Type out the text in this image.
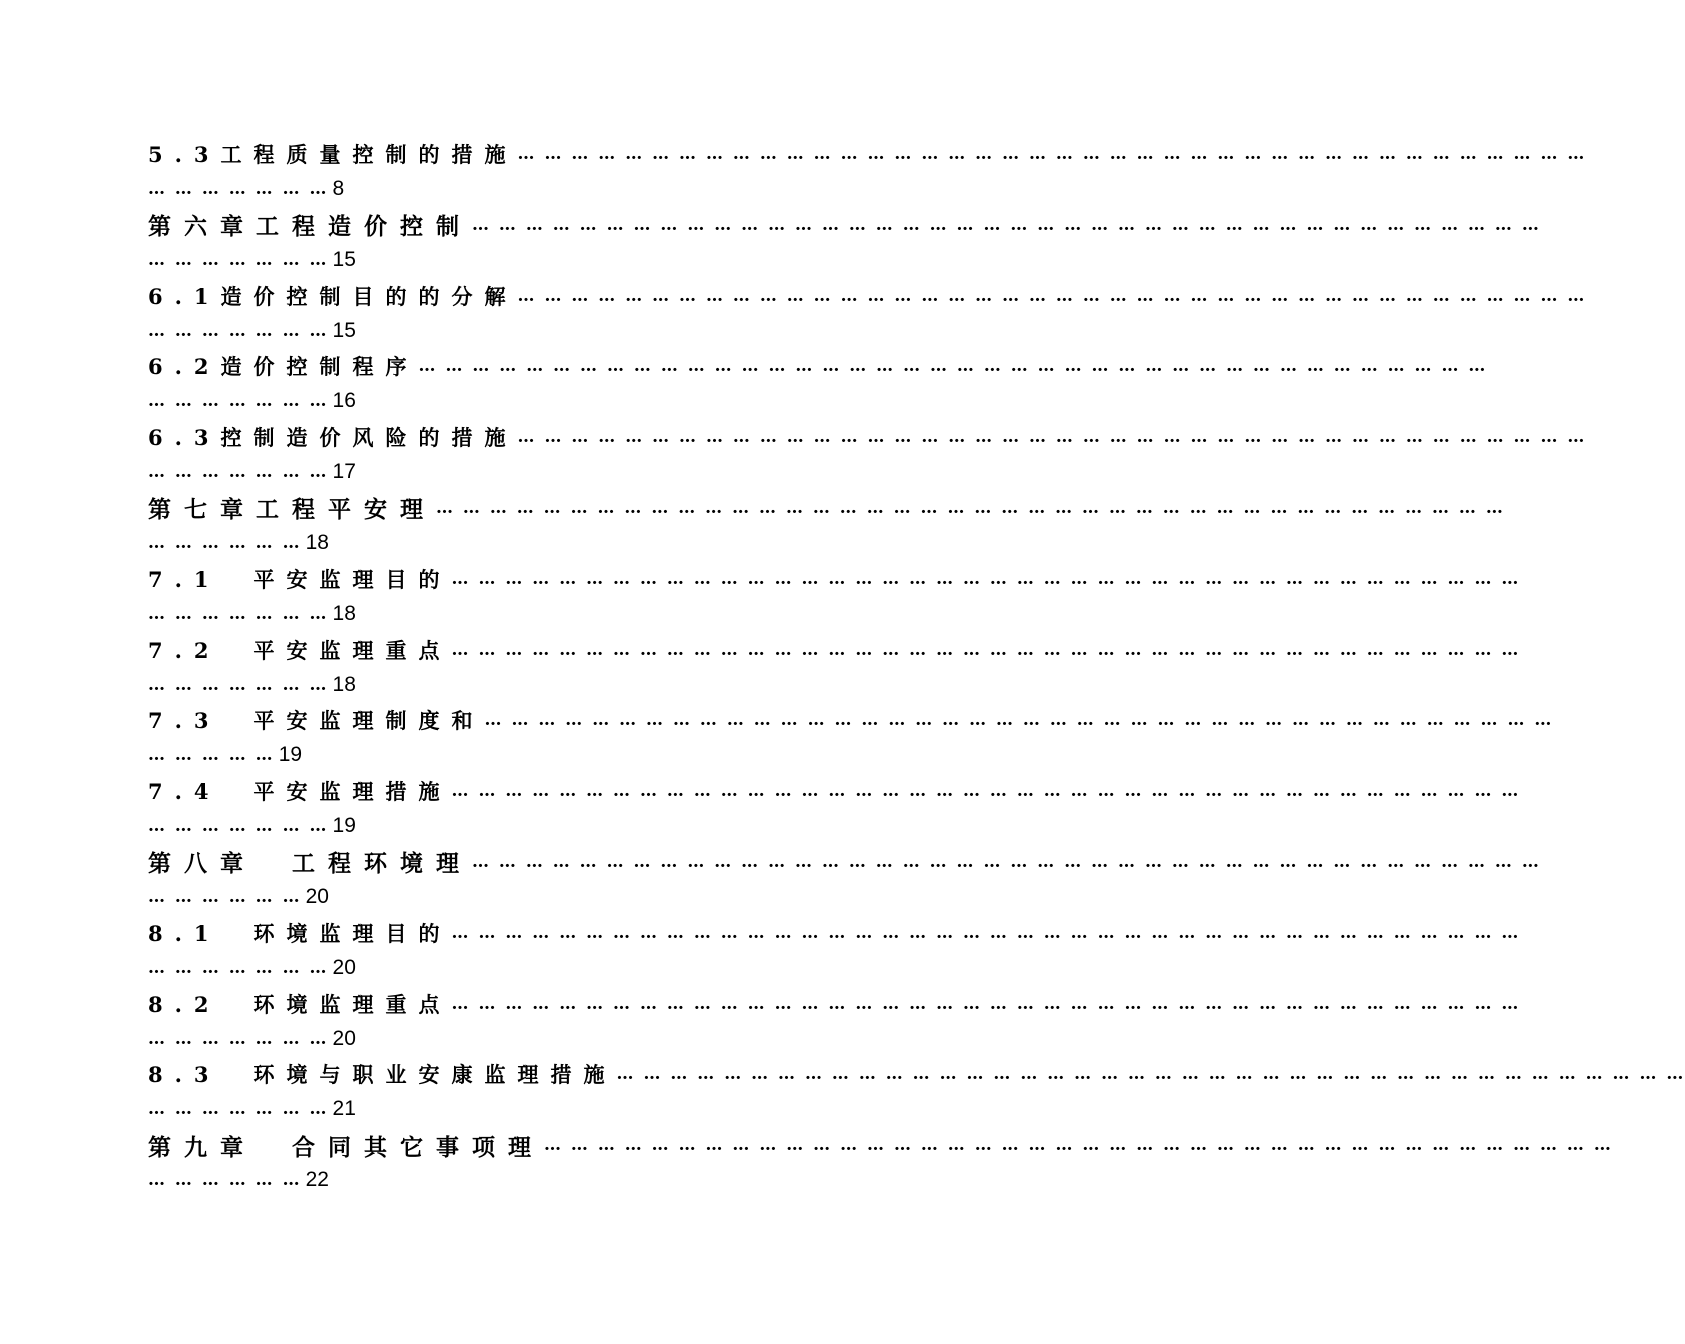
5.3工程质量控制的措施 … … … … … … … … … … … … … … … … … … … … … … … … … … … … … … … … … … … … … … … …
… … … … … … … 8
第六章工程造价控制 … … … … … … … … … … … … … … … … … … … … … … … … … … … … … … … … … … … … … … … …
… … … … … … … 15
6.1造价控制目的的分解 … … … … … … … … … … … … … … … … … … … … … … … … … … … … … … … … … … … … … … … …
… … … … … … … 15
6.2造价控制程序 … … … … … … … … … … … … … … … … … … … … … … … … … … … … … … … … … … … … … … … …
… … … … … … … 16
6.3控制造价风险的措施 … … … … … … … … … … … … … … … … … … … … … … … … … … … … … … … … … … … … … … … …
… … … … … … … 17
第七章工程平安理 … … … … … … … … … … … … … … … … … … … … … … … … … … … … … … … … … … … … … … … …
… … … … … … 18
7.1　平安监理目的 … … … … … … … … … … … … … … … … … … … … … … … … … … … … … … … … … … … … … … … …
… … … … … … … 18
7.2　平安监理重点 … … … … … … … … … … … … … … … … … … … … … … … … … … … … … … … … … … … … … … … …
… … … … … … … 18
7.3　平安监理制度和 … … … … … … … … … … … … … … … … … … … … … … … … … … … … … … … … … … … … … … … …
… … … … … 19
7.4　平安监理措施 … … … … … … … … … … … … … … … … … … … … … … … … … … … … … … … … … … … … … … … …
… … … … … … … 19
第八章　工程环境理 … … … … … … … … … … … … … … … … … … … … … … … … … … … … … … … … … … … … … … … …
… … … … … … 20
8.1　环境监理目的 … … … … … … … … … … … … … … … … … … … … … … … … … … … … … … … … … … … … … … … …
… … … … … … … 20
8.2　环境监理重点 … … … … … … … … … … … … … … … … … … … … … … … … … … … … … … … … … … … … … … … …
… … … … … … … 20
8.3　环境与职业安康监理措施 … … … … … … … … … … … … … … … … … … … … … … … … … … … … … … … … … … … … … … … …
… … … … … … … 21
第九章　合同其它事项理 … … … … … … … … … … … … … … … … … … … … … … … … … … … … … … … … … … … … … … … …
… … … … … … 22
